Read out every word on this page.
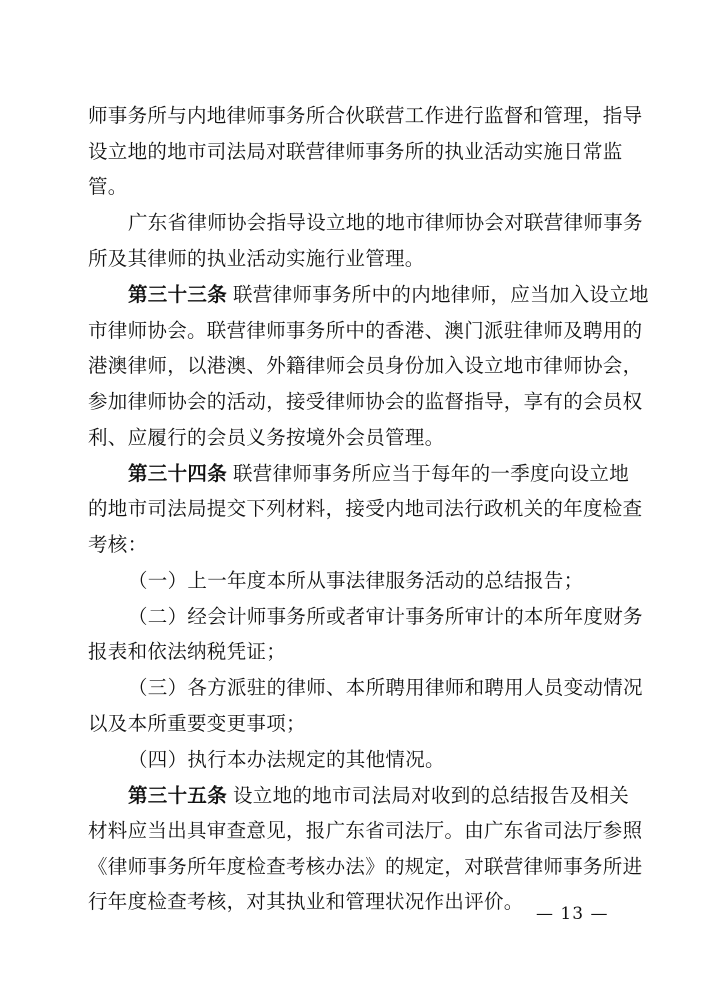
师事务所与内地律师事务所合伙联营工作进行监督和管理，指导
设立地的地市司法局对联营律师事务所的执业活动实施日常监
管。
广东省律师协会指导设立地的地市律师协会对联营律师事务
所及其律师的执业活动实施行业管理。
第三十三条 联营律师事务所中的内地律师，应当加入设立地
市律师协会。联营律师事务所中的香港、澳门派驻律师及聘用的
港澳律师，以港澳、外籍律师会员身份加入设立地市律师协会，
参加律师协会的活动，接受律师协会的监督指导，享有的会员权
利、应履行的会员义务按境外会员管理。
第三十四条 联营律师事务所应当于每年的一季度向设立地
的地市司法局提交下列材料，接受内地司法行政机关的年度检查
考核：
（一）上一年度本所从事法律服务活动的总结报告；
（二）经会计师事务所或者审计事务所审计的本所年度财务
报表和依法纳税凭证；
（三）各方派驻的律师、本所聘用律师和聘用人员变动情况
以及本所重要变更事项；
（四）执行本办法规定的其他情况。
第三十五条 设立地的地市司法局对收到的总结报告及相关
材料应当出具审查意见，报广东省司法厅。由广东省司法厅参照
《律师事务所年度检查考核办法》的规定，对联营律师事务所进
行年度检查考核，对其执业和管理状况作出评价。
— 13 —
